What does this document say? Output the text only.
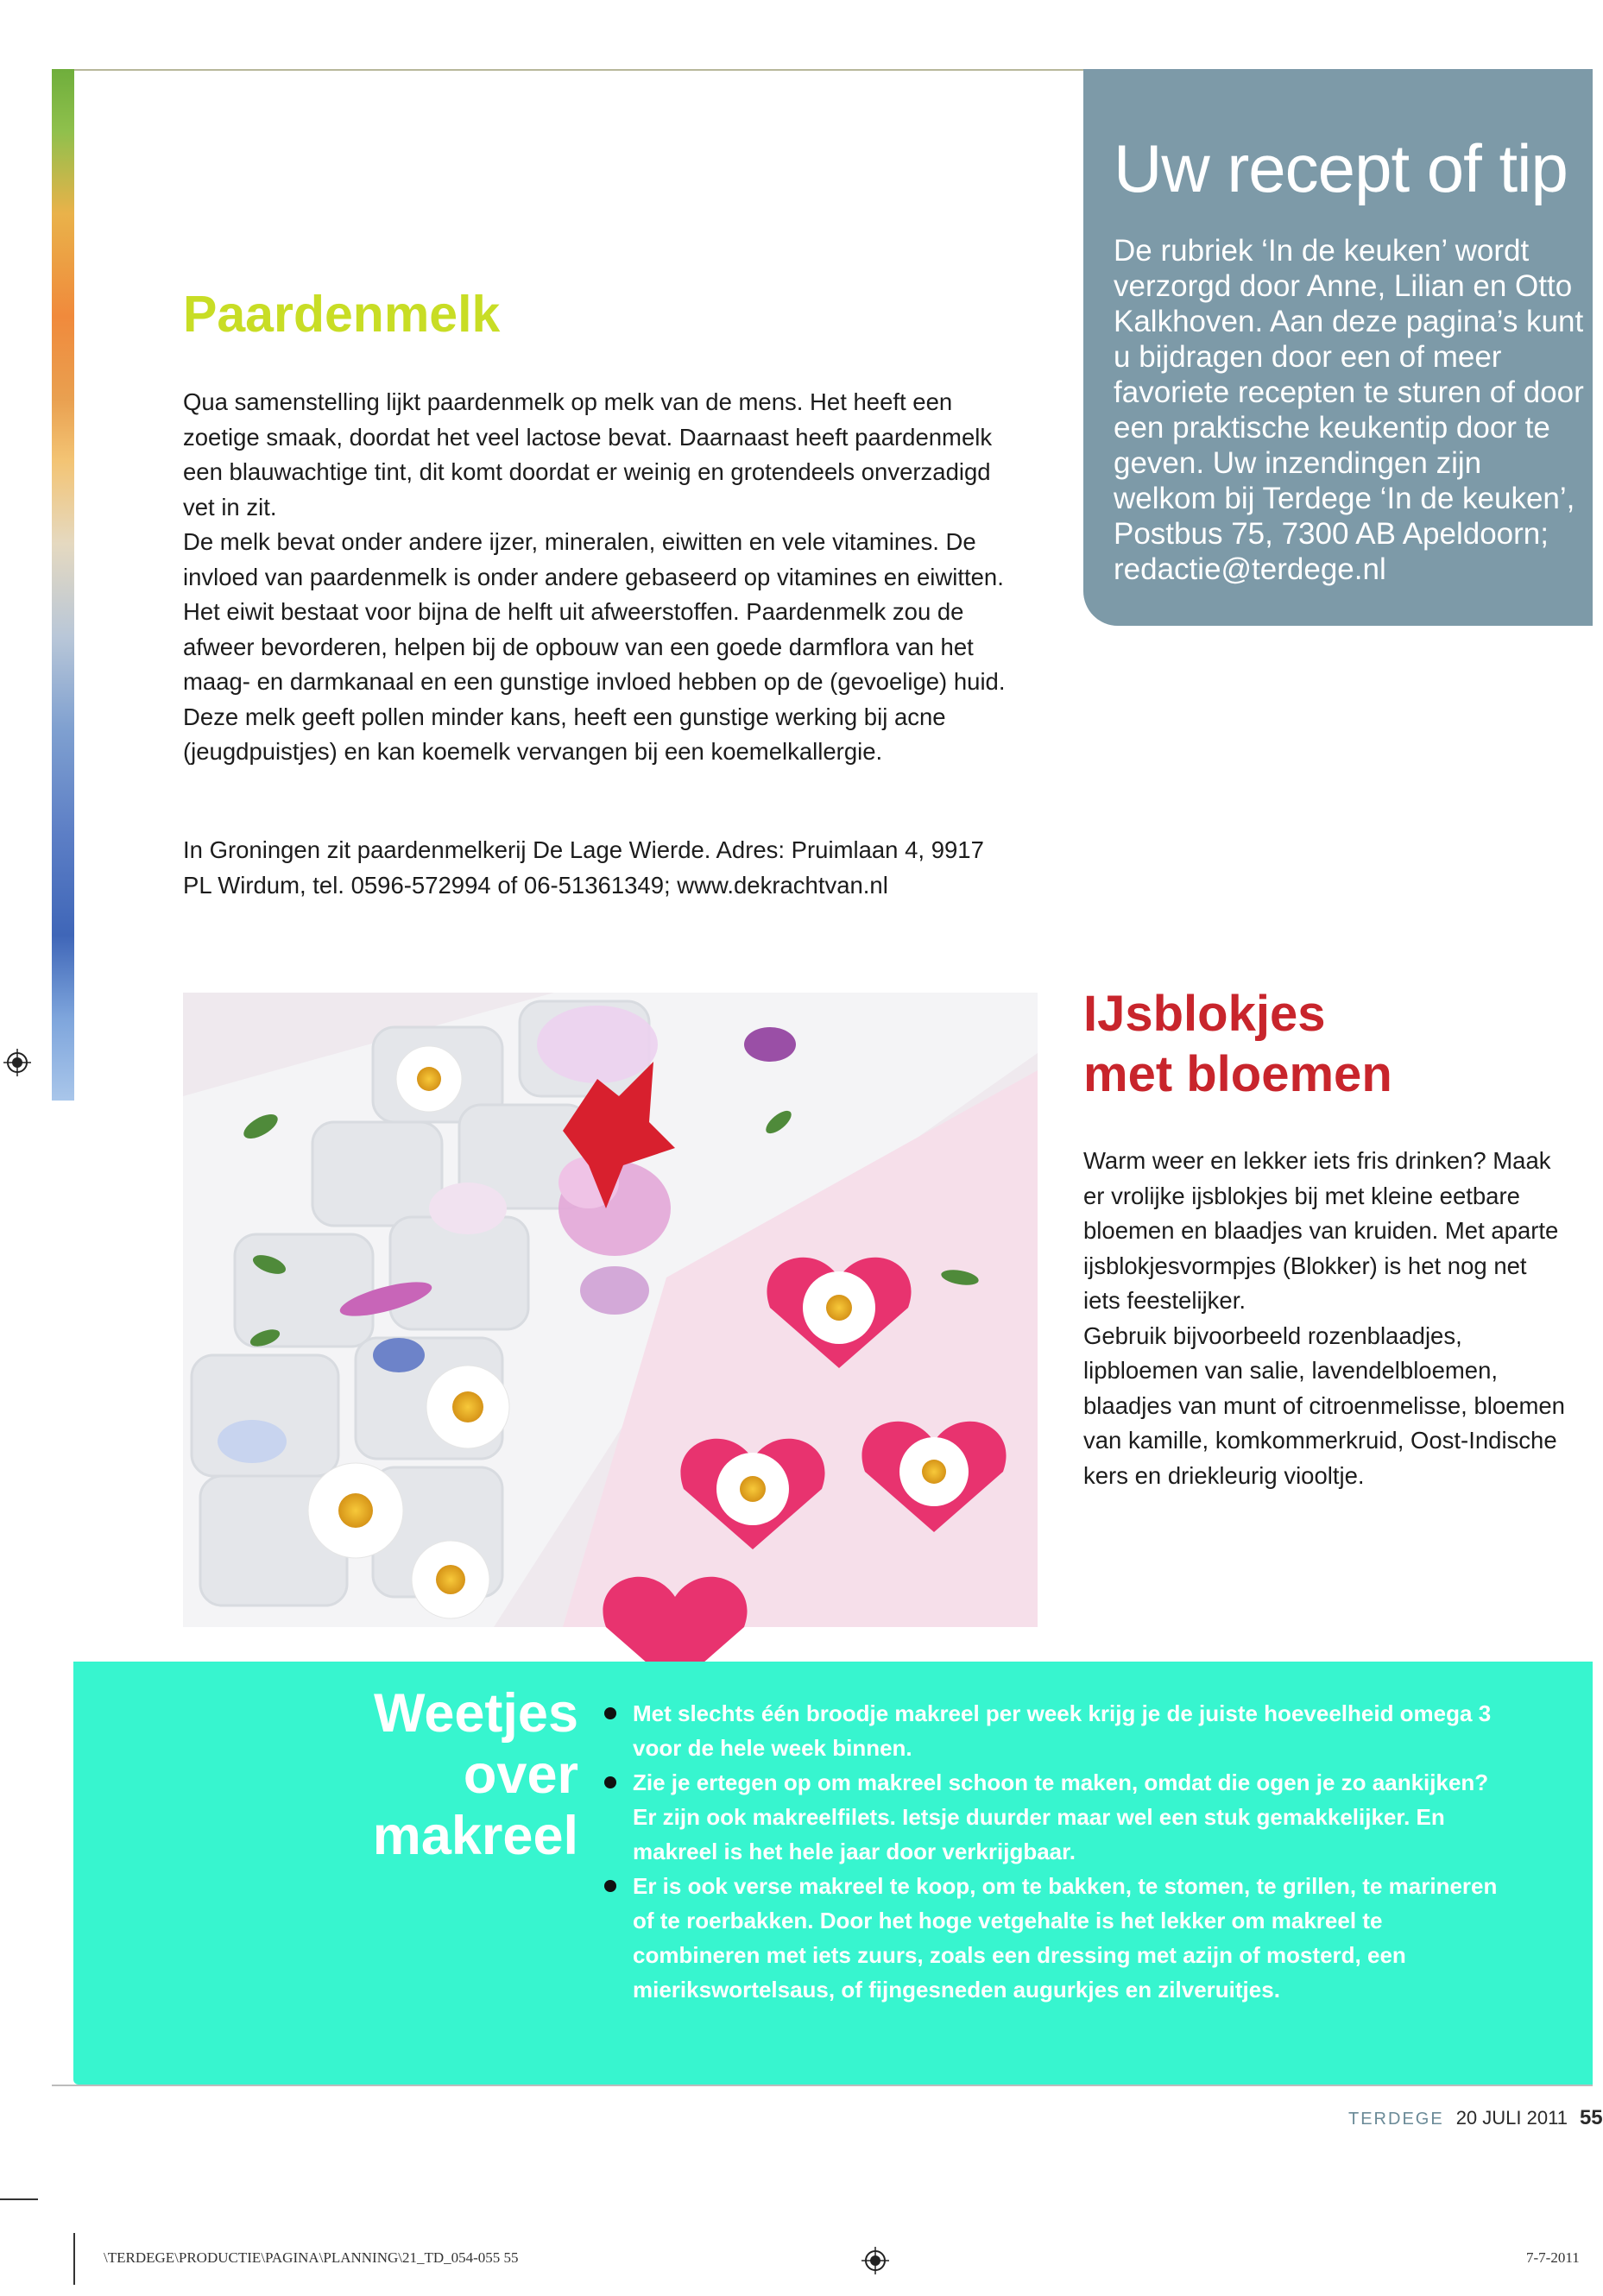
Uw recept of tip
De rubriek ‘In de keuken’ wordt verzorgd door Anne, Lilian en Otto Kalkhoven. Aan deze pagina’s kunt u bijdragen door een of meer favoriete recepten te sturen of door een praktische keukentip door te geven. Uw inzendingen zijn welkom bij Terdege ‘In de keuken’, Postbus 75, 7300 AB Apeldoorn; redactie@terdege.nl
Paardenmelk

Qua samenstelling lijkt paardenmelk op melk van de mens. Het heeft een zoetige smaak, doordat het veel lactose bevat. Daarnaast heeft paardenmelk een blauwachtige tint, dit komt doordat er weinig en grotendeels onverzadigd vet in zit.

De melk bevat onder andere ijzer, mineralen, eiwitten en vele vitamines. De invloed van paardenmelk is onder andere gebaseerd op vitamines en eiwitten. Het eiwit bestaat voor bijna de helft uit afweerstoffen. Paardenmelk zou de afweer bevorderen, helpen bij de opbouw van een goede darmflora van het maag- en darmkanaal en een gunstige invloed hebben op de (gevoelige) huid.

Deze melk geeft pollen minder kans, heeft een gunstige werking bij acne (jeugdpuistjes) en kan koemelk vervangen bij een koemelkallergie.

In Groningen zit paardenmelkerij De Lage Wierde. Adres: Pruimlaan 4, 9917 PL Wirdum, tel. 0596-572994 of 06-51361349; www.dekrachtvan.nl
IJsblokjes
met bloemen

Warm weer en lekker iets fris drinken? Maak er vrolijke ijsblokjes bij met kleine eetbare bloemen en blaadjes van kruiden. Met aparte ijsblokjesvormpjes (Blokker) is het nog net iets feestelijker.

Gebruik bijvoorbeeld rozenblaadjes, lipbloemen van salie, lavendelbloemen, blaadjes van munt of citroenmelisse, bloemen van kamille, komkommerkruid, Oost-Indische kers en driekleurig viooltje.

Weetjes
over
makreel
Met slechts één broodje makreel per week krijg je de juiste hoeveelheid omega 3 voor de hele week binnen.
Zie je ertegen op om makreel schoon te maken, omdat die ogen je zo aankijken? Er zijn ook makreelfilets. Ietsje duurder maar wel een stuk gemakkelijker. En makreel is het hele jaar door verkrijgbaar.
Er is ook verse makreel te koop, om te bakken, te stomen, te grillen, te marineren of te roerbakken. Door het hoge vetgehalte is het lekker om makreel te combineren met iets zuurs, zoals een dressing met azijn of mosterd, een mierikswortelsaus, of fijngesneden augurkjes en zilveruitjes.
TERDEGE 20 JULI 2011 55
\TERDEGE\PRODUCTIE\PAGINA\PLANNING\21_TD_054-055 55	7-7-2011
